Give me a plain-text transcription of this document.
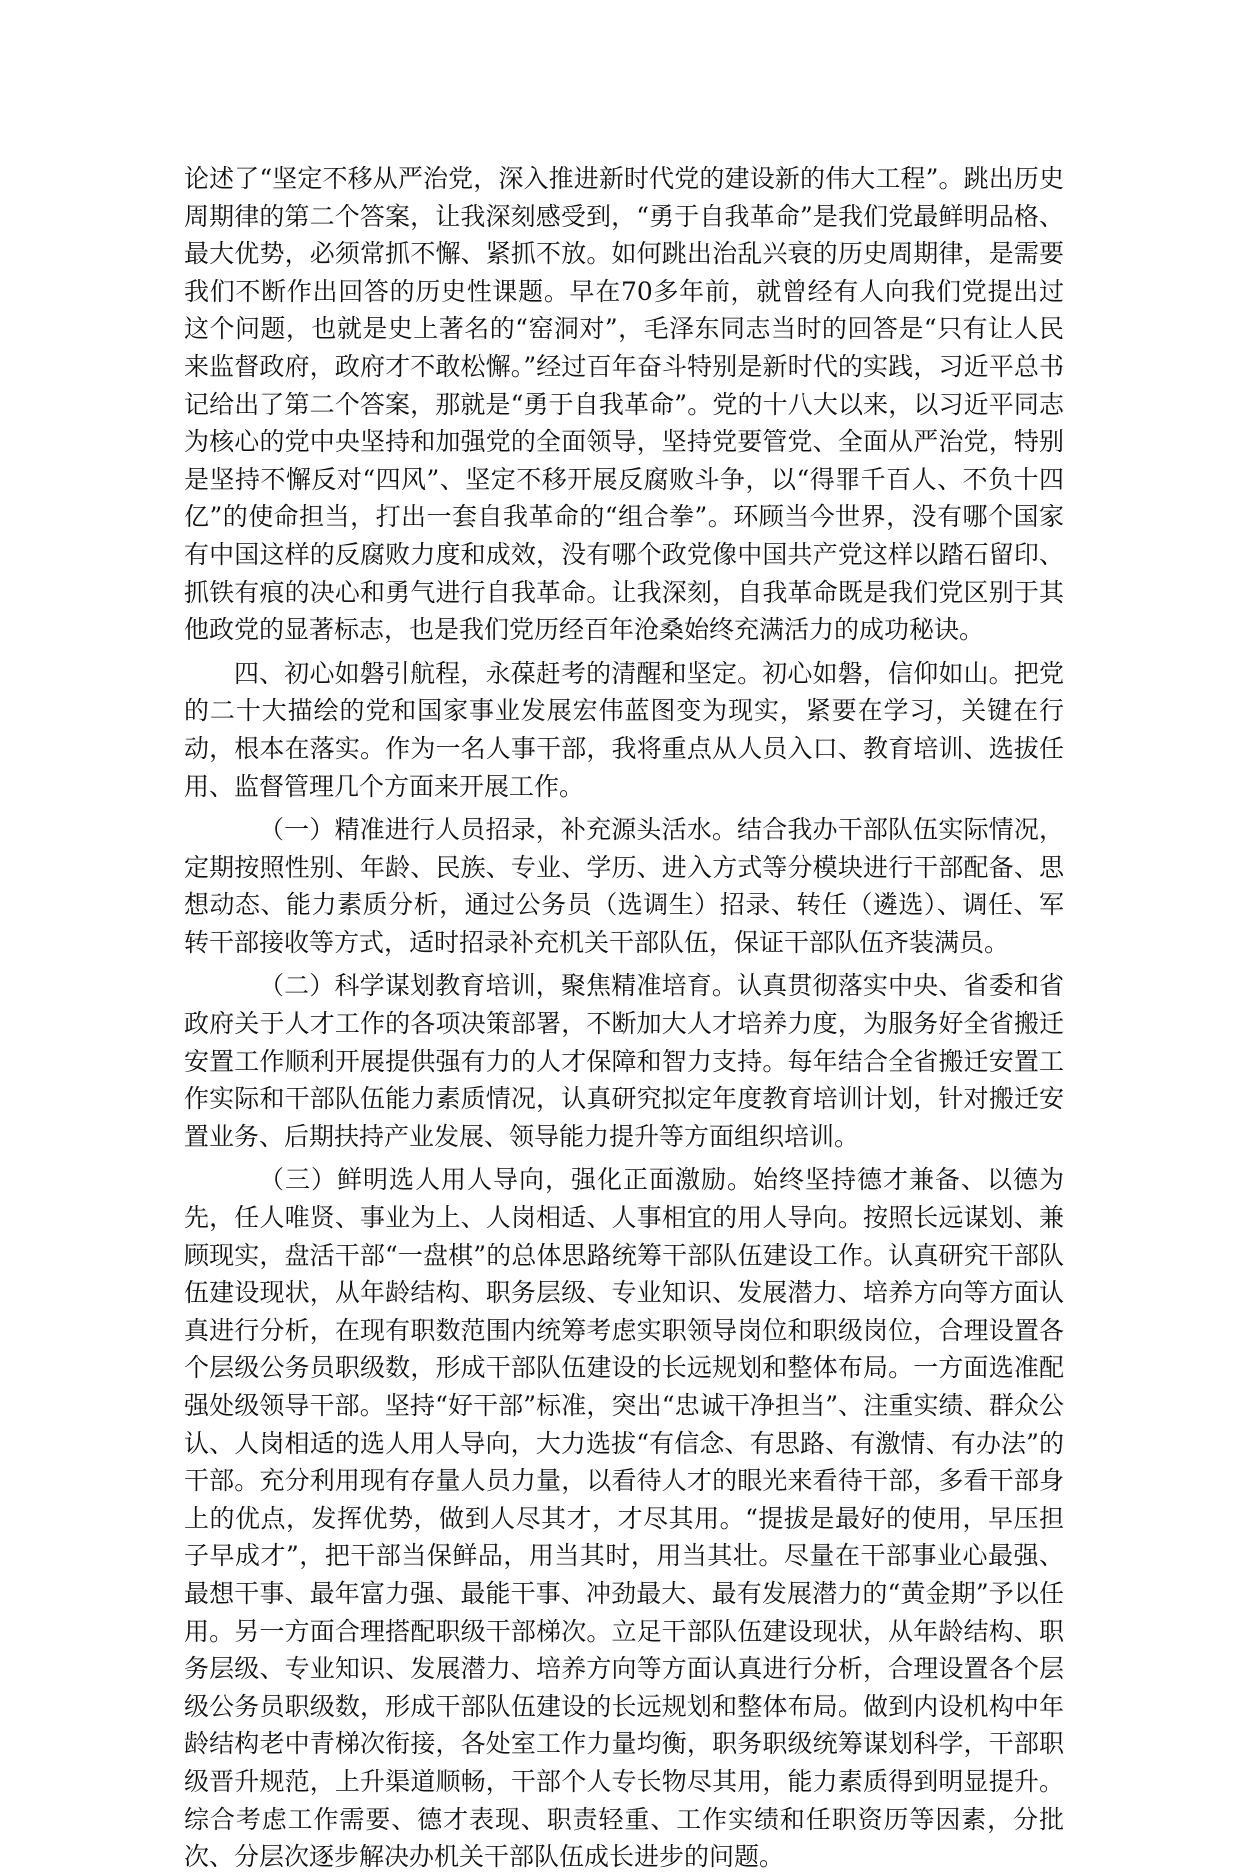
论述了“坚定不移从严治党，深入推进新时代党的建设新的伟大工程”。跳出历史周期律的第二个答案，让我深刻感受到，“勇于自我革命”是我们党最鲜明品格、最大优势，必须常抓不懈、紧抓不放。如何跳出治乱兴衰的历史周期律，是需要我们不断作出回答的历史性课题。早在70多年前，就曾经有人向我们党提出过这个问题，也就是史上著名的“窑洞对”，毛泽东同志当时的回答是“只有让人民来监督政府，政府才不敢松懈。”经过百年奋斗特别是新时代的实践，习近平总书记给出了第二个答案，那就是“勇于自我革命”。党的十八大以来，以习近平同志为核心的党中央坚持和加强党的全面领导，坚持党要管党、全面从严治党，特别是坚持不懈反对“四风”、坚定不移开展反腐败斗争，以“得罪千百人、不负十四亿”的使命担当，打出一套自我革命的“组合拳”。环顾当今世界，没有哪个国家有中国这样的反腐败力度和成效，没有哪个政党像中国共产党这样以踏石留印、抓铁有痕的决心和勇气进行自我革命。让我深刻，自我革命既是我们党区别于其他政党的显著标志，也是我们党历经百年沧桑始终充满活力的成功秘诀。

四、初心如磐引航程，永葆赶考的清醒和坚定。初心如磐，信仰如山。把党的二十大描绘的党和国家事业发展宏伟蓝图变为现实，紧要在学习，关键在行动，根本在落实。作为一名人事干部，我将重点从人员入口、教育培训、选拔任用、监督管理几个方面来开展工作。

（一）精准进行人员招录，补充源头活水。结合我办干部队伍实际情况，定期按照性别、年龄、民族、专业、学历、进入方式等分模块进行干部配备、思想动态、能力素质分析，通过公务员（选调生）招录、转任（遴选）、调任、军转干部接收等方式，适时招录补充机关干部队伍，保证干部队伍齐装满员。

（二）科学谋划教育培训，聚焦精准培育。认真贯彻落实中央、省委和省政府关于人才工作的各项决策部署，不断加大人才培养力度，为服务好全省搬迁安置工作顺利开展提供强有力的人才保障和智力支持。每年结合全省搬迁安置工作实际和干部队伍能力素质情况，认真研究拟定年度教育培训计划，针对搬迁安置业务、后期扶持产业发展、领导能力提升等方面组织培训。

（三）鲜明选人用人导向，强化正面激励。始终坚持德才兼备、以德为先，任人唯贤、事业为上、人岗相适、人事相宜的用人导向。按照长远谋划、兼顾现实，盘活干部“一盘棋”的总体思路统筹干部队伍建设工作。认真研究干部队伍建设现状，从年龄结构、职务层级、专业知识、发展潜力、培养方向等方面认真进行分析，在现有职数范围内统筹考虑实职领导岗位和职级岗位，合理设置各个层级公务员职级数，形成干部队伍建设的长远规划和整体布局。一方面选准配强处级领导干部。坚持“好干部”标准，突出“忠诚干净担当”、注重实绩、群众公认、人岗相适的选人用人导向，大力选拔“有信念、有思路、有激情、有办法”的干部。充分利用现有存量人员力量，以看待人才的眼光来看待干部，多看干部身上的优点，发挥优势，做到人尽其才，才尽其用。“提拔是最好的使用，早压担子早成才”，把干部当保鲜品，用当其时，用当其壮。尽量在干部事业心最强、最想干事、最年富力强、最能干事、冲劲最大、最有发展潜力的“黄金期”予以任用。另一方面合理搭配职级干部梯次。立足干部队伍建设现状，从年龄结构、职务层级、专业知识、发展潜力、培养方向等方面认真进行分析，合理设置各个层级公务员职级数，形成干部队伍建设的长远规划和整体布局。做到内设机构中年龄结构老中青梯次衔接，各处室工作力量均衡，职务职级统筹谋划科学，干部职级晋升规范，上升渠道顺畅，干部个人专长物尽其用，能力素质得到明显提升。综合考虑工作需要、德才表现、职责轻重、工作实绩和任职资历等因素，分批次、分层次逐步解决办机关干部队伍成长进步的问题。
